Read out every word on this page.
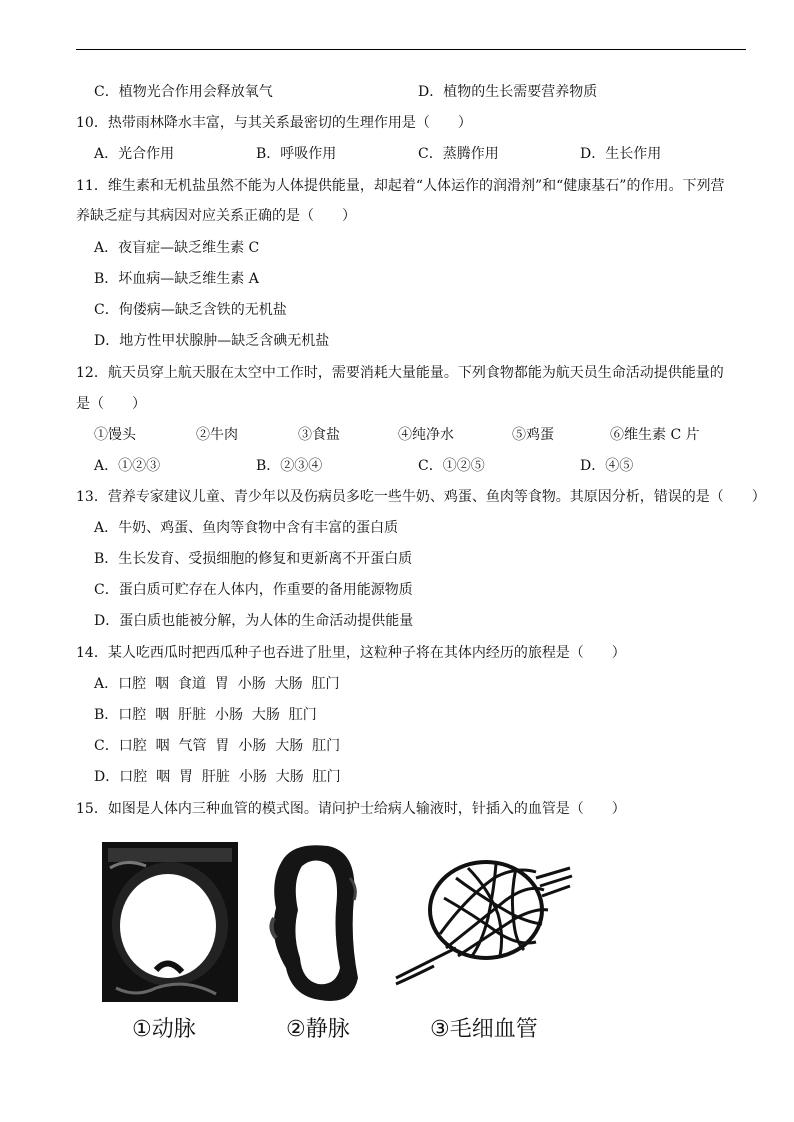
C．植物光合作用会释放氧气	D．植物的生长需要营养物质
10．热带雨林降水丰富，与其关系最密切的生理作用是（　　）
A．光合作用	B．呼吸作用	C．蒸腾作用	D．生长作用
11．维生素和无机盐虽然不能为人体提供能量，却起着“人体运作的润滑剂”和“健康基石”的作用。下列营
养缺乏症与其病因对应关系正确的是（　　）
A．夜盲症—缺乏维生素 C
B．坏血病—缺乏维生素 A
C．佝偻病—缺乏含铁的无机盐
D．地方性甲状腺肿—缺乏含碘无机盐
12．航天员穿上航天服在太空中工作时，需要消耗大量能量。下列食物都能为航天员生命活动提供能量的
是（　　）
①馒头	②牛肉	③食盐	④纯净水	⑤鸡蛋	⑥维生素 C 片
A．①②③	B．②③④	C．①②⑤	D．④⑤
13．营养专家建议儿童、青少年以及伤病员多吃一些牛奶、鸡蛋、鱼肉等食物。其原因分析，错误的是（　　）
A．牛奶、鸡蛋、鱼肉等食物中含有丰富的蛋白质
B．生长发育、受损细胞的修复和更新离不开蛋白质
C．蛋白质可贮存在人体内，作重要的备用能源物质
D．蛋白质也能被分解，为人体的生命活动提供能量
14．某人吃西瓜时把西瓜种子也吞进了肚里，这粒种子将在其体内经历的旅程是（　　）
A．口腔  咽  食道  胃  小肠  大肠  肛门
B．口腔  咽  肝脏  小肠  大肠  肛门
C．口腔  咽  气管  胃  小肠  大肠  肛门
D．口腔  咽  胃  肝脏  小肠  大肠  肛门
15．如图是人体内三种血管的模式图。请问护士给病人输液时，针插入的血管是（　　）
①动脉	②静脉	③毛细血管
